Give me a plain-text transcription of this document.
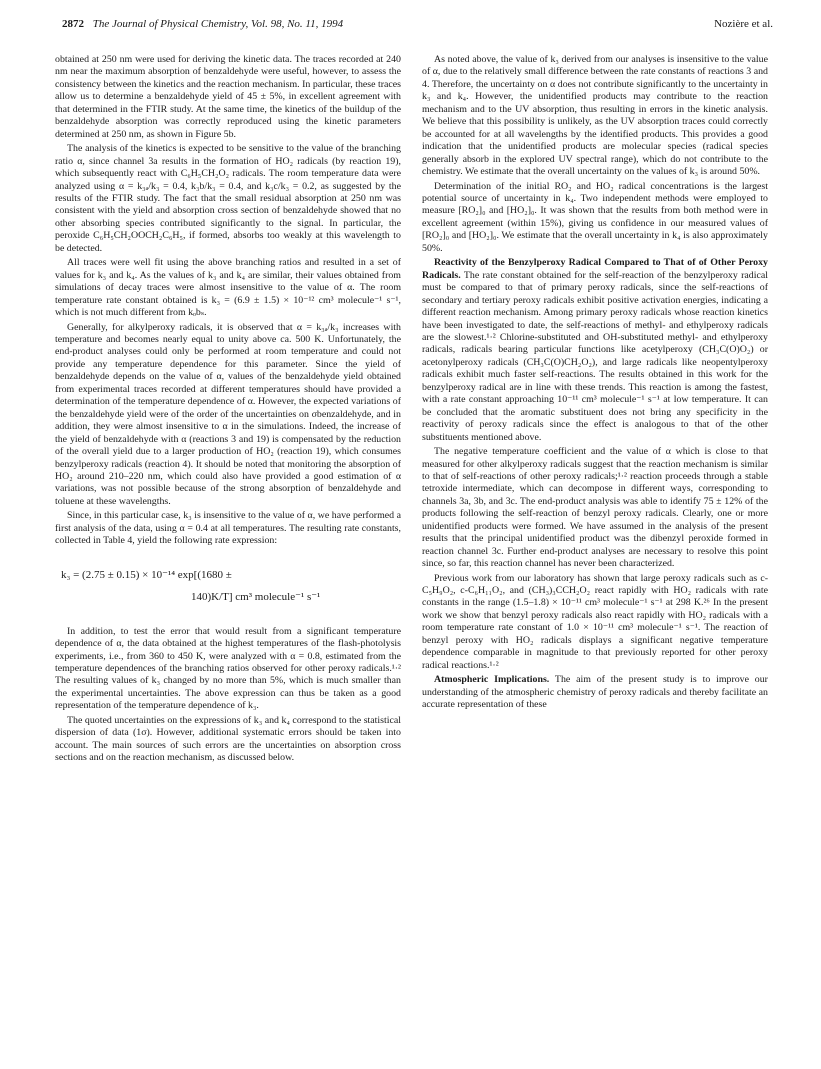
2872 The Journal of Physical Chemistry, Vol. 98, No. 11, 1994	Nozière et al.

obtained at 250 nm were used for deriving the kinetic data. The traces recorded at 240 nm near the maximum absorption of benzaldehyde were useful, however, to assess the consistency between the kinetics and the reaction mechanism. In particular, these traces allow us to determine a benzaldehyde yield of 45 ± 5%, in excellent agreement with that determined in the FTIR study. At the same time, the kinetics of the buildup of the benzaldehyde absorption was correctly reproduced using the kinetic parameters determined at 250 nm, as shown in Figure 5b.

The analysis of the kinetics is expected to be sensitive to the value of the branching ratio α, since channel 3a results in the formation of HO₂ radicals (by reaction 19), which subsequently react with C₆H₅CH₂O₂ radicals. The room temperature data were analyzed using α = k₃ₐ/k₃ = 0.4, k₃b/k₃ = 0.4, and k₃c/k₃ = 0.2, as suggested by the results of the FTIR study. The fact that the small residual absorption at 250 nm was consistent with the yield and absorption cross section of benzaldehyde showed that no other absorbing species contributed significantly to the signal. In particular, the peroxide C₆H₅CH₂OOCH₂C₆H₅, if formed, absorbs too weakly at this wavelength to be detected.

All traces were well fit using the above branching ratios and resulted in a set of values for k₃ and k₄. As the values of k₃ and k₄ are similar, their values obtained from simulations of decay traces were almost insensitive to the value of α. The room temperature rate constant obtained is k₃ = (6.9 ± 1.5) × 10⁻¹² cm³ molecule⁻¹ s⁻¹, which is not much different from kₒbₛ.

Generally, for alkylperoxy radicals, it is observed that α = k₃ₐ/k₃ increases with temperature and becomes nearly equal to unity above ca. 500 K. Unfortunately, the end-product analyses could only be performed at room temperature and could not provide any temperature dependence for this parameter. Since the yield of benzaldehyde depends on the value of α, values of the benzaldehyde yield obtained from experimental traces recorded at different temperatures should have provided a determination of the temperature dependence of α. However, the expected variations of the benzaldehyde yield were of the order of the uncertainties on σbenzaldehyde, and in addition, they were almost insensitive to α in the simulations. Indeed, the increase of the yield of benzaldehyde with α (reactions 3 and 19) is compensated by the reduction of the overall yield due to a larger production of HO₂ (reaction 19), which consumes benzylperoxy radicals (reaction 4). It should be noted that monitoring the absorption of HO₂ around 210–220 nm, which could also have provided a good estimation of α variations, was not possible because of the strong absorption of benzaldehyde and toluene at these wavelengths.

Since, in this particular case, k₃ is insensitive to the value of α, we have performed a first analysis of the data, using α = 0.4 at all temperatures. The resulting rate constants, collected in Table 4, yield the following rate expression:

k₃ = (2.75 ± 0.15) × 10⁻¹⁴ exp[(1680 ±
140)K/T] cm³ molecule⁻¹ s⁻¹

In addition, to test the error that would result from a significant temperature dependence of α, the data obtained at the highest temperatures of the flash-photolysis experiments, i.e., from 360 to 450 K, were analyzed with α = 0.8, estimated from the temperature dependences of the branching ratios observed for other peroxy radicals.¹·² The resulting values of k₃ changed by no more than 5%, which is much smaller than the experimental uncertainties. The above expression can thus be taken as a good representation of the temperature dependence of k₃.

The quoted uncertainties on the expressions of k₃ and k₄ correspond to the statistical dispersion of data (1σ). However, additional systematic errors should be taken into account. The main sources of such errors are the uncertainties on absorption cross sections and on the reaction mechanism, as discussed below.

As noted above, the value of k₃ derived from our analyses is insensitive to the value of α, due to the relatively small difference between the rate constants of reactions 3 and 4. Therefore, the uncertainty on α does not contribute significantly to the uncertainty in k₃ and k₄. However, the unidentified products may contribute to the reaction mechanism and to the UV absorption, thus resulting in errors in the kinetic analysis. We believe that this possibility is unlikely, as the UV absorption traces could correctly be accounted for at all wavelengths by the identified products. This provides a good indication that the unidentified products are molecular species (radical species generally absorb in the explored UV spectral range), which do not contribute to the chemistry. We estimate that the overall uncertainty on the values of k₃ is around 50%.

Determination of the initial RO₂ and HO₂ radical concentrations is the largest potential source of uncertainty in k₄. Two independent methods were employed to measure [RO₂]₀ and [HO₂]₀. It was shown that the results from both method were in excellent agreement (within 15%), giving us confidence in our measured values of [RO₂]₀ and [HO₂]₀. We estimate that the overall uncertainty in k₄ is also approximately 50%.

Reactivity of the Benzylperoxy Radical Compared to That of of Other Peroxy Radicals. The rate constant obtained for the self-reaction of the benzylperoxy radical must be compared to that of primary peroxy radicals, since the self-reactions of secondary and tertiary peroxy radicals exhibit positive activation energies, indicating a different reaction mechanism. Among primary peroxy radicals whose reaction kinetics have been investigated to date, the self-reactions of methyl- and ethylperoxy radicals are the slowest.¹·² Chlorine-substituted and OH-substituted methyl- and ethylperoxy radicals, radicals bearing particular functions like acetylperoxy (CH₃C(O)O₂) or acetonylperoxy radicals (CH₃C(O)CH₂O₂), and large radicals like neopentylperoxy radicals exhibit much faster self-reactions. The results obtained in this work for the benzylperoxy radical are in line with these trends. This reaction is among the fastest, with a rate constant approaching 10⁻¹¹ cm³ molecule⁻¹ s⁻¹ at low temperature. It can be concluded that the aromatic substituent does not bring any specificity in the reactivity of peroxy radicals since the effect is analogous to that of the other substituents mentioned above.

The negative temperature coefficient and the value of α which is close to that measured for other alkylperoxy radicals suggest that the reaction mechanism is similar to that of self-reactions of other peroxy radicals;¹·² reaction proceeds through a stable tetroxide intermediate, which can decompose in different ways, corresponding to channels 3a, 3b, and 3c. The end-product analysis was able to identify 75 ± 12% of the products following the self-reaction of benzyl peroxy radicals. Clearly, one or more unidentified products were formed. We have assumed in the analysis of the present results that the principal unidentified product was the dibenzyl peroxide formed in reaction channel 3c. Further end-product analyses are necessary to resolve this point since, so far, this reaction channel has never been characterized.

Previous work from our laboratory has shown that large peroxy radicals such as c-C₅H₉O₂, c-C₆H₁₁O₂, and (CH₃)₃CCH₂O₂ react rapidly with HO₂ radicals with rate constants in the range (1.5–1.8) × 10⁻¹¹ cm³ molecule⁻¹ s⁻¹ at 298 K.²⁶ In the present work we show that benzyl peroxy radicals also react rapidly with HO₂ radicals with a room temperature rate constant of 1.0 × 10⁻¹¹ cm³ molecule⁻¹ s⁻¹. The reaction of benzyl peroxy with HO₂ radicals displays a significant negative temperature dependence comparable in magnitude to that previously reported for other peroxy radical reactions.¹·²

Atmospheric Implications. The aim of the present study is to improve our understanding of the atmospheric chemistry of peroxy radicals and thereby facilitate an accurate representation of these
